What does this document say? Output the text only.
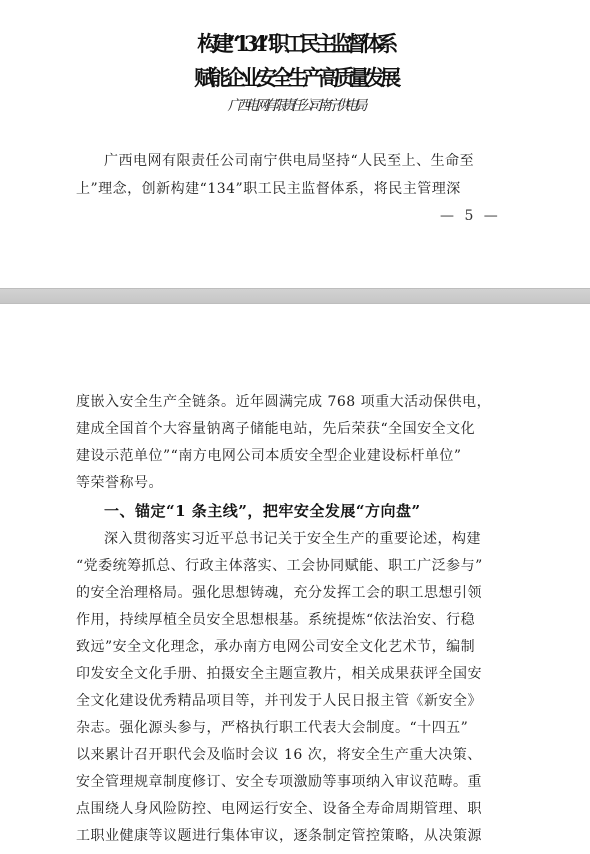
构建“134”职工民主监督体系
赋能企业安全生产高质量发展
广西电网有限责任公司南宁供电局
广西电网有限责任公司南宁供电局坚持“人民至上、生命至
上”理念，创新构建“134”职工民主监督体系，将民主管理深
— 5 —
度嵌入安全生产全链条。近年圆满完成 768 项重大活动保供电，
建成全国首个大容量钠离子储能电站，先后荣获“全国安全文化
建设示范单位”“南方电网公司本质安全型企业建设标杆单位”
等荣誉称号。
一、锚定“1 条主线”，把牢安全发展“方向盘”
深入贯彻落实习近平总书记关于安全生产的重要论述，构建
“党委统筹抓总、行政主体落实、工会协同赋能、职工广泛参与”
的安全治理格局。强化思想铸魂，充分发挥工会的职工思想引领
作用，持续厚植全员安全思想根基。系统提炼“依法治安、行稳
致远”安全文化理念，承办南方电网公司安全文化艺术节，编制
印发安全文化手册、拍摄安全主题宣教片，相关成果获评全国安
全文化建设优秀精品项目等，并刊发于人民日报主管《新安全》
杂志。强化源头参与，严格执行职工代表大会制度。“十四五”
以来累计召开职代会及临时会议 16 次，将安全生产重大决策、
安全管理规章制度修订、安全专项激励等事项纳入审议范畴。重
点围绕人身风险防控、电网运行安全、设备全寿命周期管理、职
工职业健康等议题进行集体审议，逐条制定管控策略，从决策源
